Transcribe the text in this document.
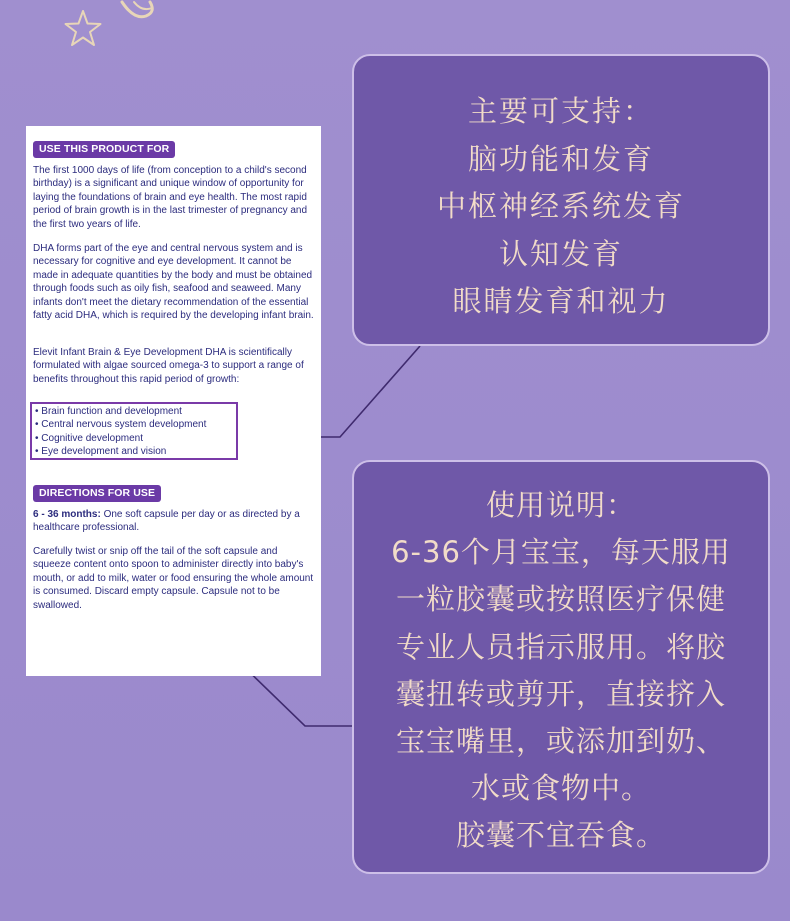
USE THIS PRODUCT FOR

The first 1000 days of life (from conception to a child's second birthday) is a significant and unique window of opportunity for laying the foundations of brain and eye health. The most rapid period of brain growth is in the last trimester of pregnancy and the first two years of life.

DHA forms part of the eye and central nervous system and is necessary for cognitive and eye development. It cannot be made in adequate quantities by the body and must be obtained through foods such as oily fish, seafood and seaweed. Many infants don't meet the dietary recommendation of the essential fatty acid DHA, which is required by the developing infant brain.

Elevit Infant Brain & Eye Development DHA is scientifically formulated with algae sourced omega-3 to support a range of benefits throughout this rapid period of growth:

• Brain function and development
• Central nervous system development
• Cognitive development
• Eye development and vision
DIRECTIONS FOR USE

6 - 36 months: One soft capsule per day or as directed by a healthcare professional.

Carefully twist or snip off the tail of the soft capsule and squeeze content onto spoon to administer directly into baby's mouth, or add to milk, water or food ensuring the whole amount is consumed. Discard empty capsule. Capsule not to be swallowed.

主要可支持：
脑功能和发育
中枢神经系统发育
认知发育
眼睛发育和视力
使用说明：
6-36个月宝宝，每天服用
一粒胶囊或按照医疗保健
专业人员指示服用。将胶
囊扭转或剪开，直接挤入
宝宝嘴里，或添加到奶、
水或食物中。
胶囊不宜吞食。
